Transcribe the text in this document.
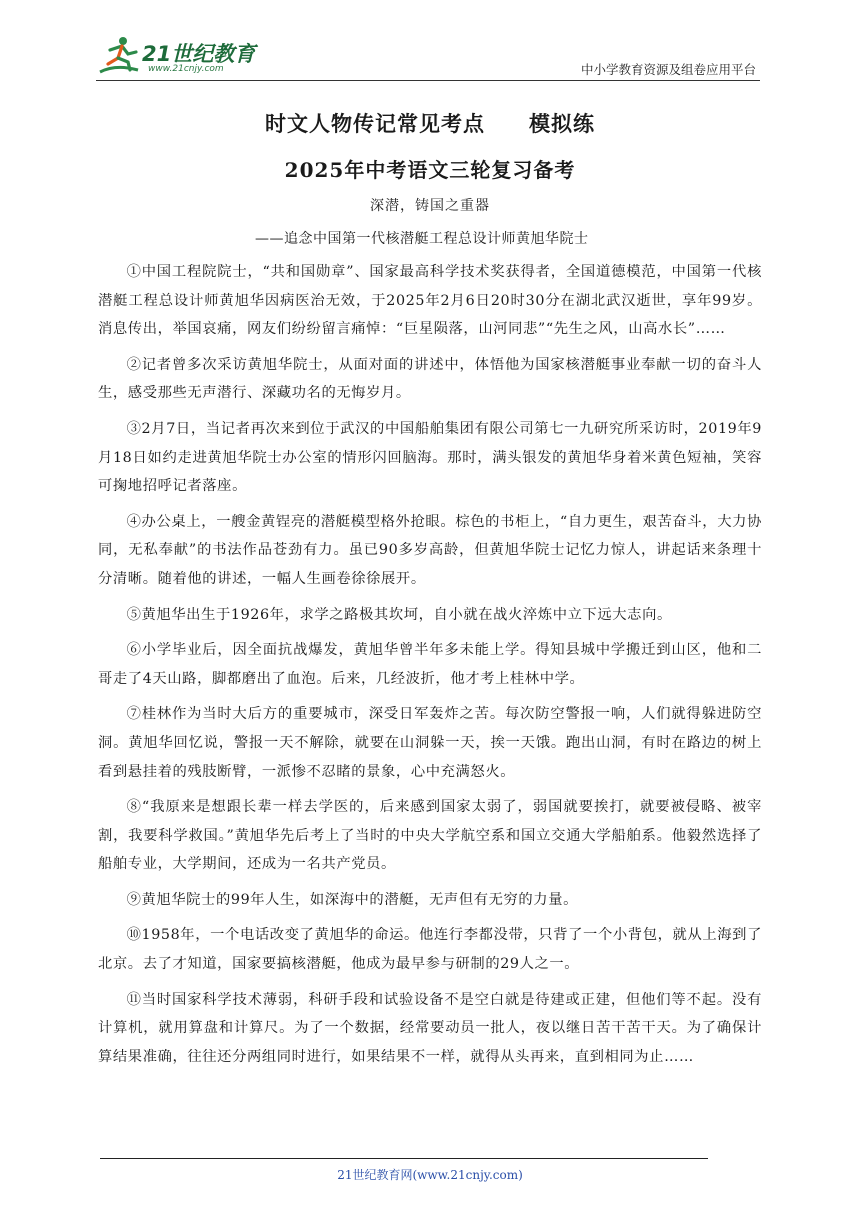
21世纪教育
www.21cnjy.com	中小学教育资源及组卷应用平台
时文人物传记常见考点 模拟练
2025年中考语文三轮复习备考
深潜，铸国之重器
——追念中国第一代核潜艇工程总设计师黄旭华院士

①中国工程院院士，“共和国勋章”、国家最高科学技术奖获得者，全国道德模范，中国第一代核潜艇工程总设计师黄旭华因病医治无效，于2025年2月6日20时30分在湖北武汉逝世，享年99岁。消息传出，举国哀痛，网友们纷纷留言痛悼：“巨星陨落，山河同悲”“先生之风，山高水长”……

②记者曾多次采访黄旭华院士，从面对面的讲述中，体悟他为国家核潜艇事业奉献一切的奋斗人生，感受那些无声潜行、深藏功名的无悔岁月。

③2月7日，当记者再次来到位于武汉的中国船舶集团有限公司第七一九研究所采访时，2019年9月18日如约走进黄旭华院士办公室的情形闪回脑海。那时，满头银发的黄旭华身着米黄色短袖，笑容可掬地招呼记者落座。

④办公桌上，一艘金黄锃亮的潜艇模型格外抢眼。棕色的书柜上，“自力更生，艰苦奋斗，大力协同，无私奉献”的书法作品苍劲有力。虽已90多岁高龄，但黄旭华院士记忆力惊人，讲起话来条理十分清晰。随着他的讲述，一幅人生画卷徐徐展开。

⑤黄旭华出生于1926年，求学之路极其坎坷，自小就在战火淬炼中立下远大志向。

⑥小学毕业后，因全面抗战爆发，黄旭华曾半年多未能上学。得知县城中学搬迁到山区，他和二哥走了4天山路，脚都磨出了血泡。后来，几经波折，他才考上桂林中学。

⑦桂林作为当时大后方的重要城市，深受日军轰炸之苦。每次防空警报一响，人们就得躲进防空洞。黄旭华回忆说，警报一天不解除，就要在山洞躲一天，挨一天饿。跑出山洞，有时在路边的树上看到悬挂着的残肢断臂，一派惨不忍睹的景象，心中充满怒火。

⑧“我原来是想跟长辈一样去学医的，后来感到国家太弱了，弱国就要挨打，就要被侵略、被宰割，我要科学救国。”黄旭华先后考上了当时的中央大学航空系和国立交通大学船舶系。他毅然选择了船舶专业，大学期间，还成为一名共产党员。

⑨黄旭华院士的99年人生，如深海中的潜艇，无声但有无穷的力量。

⑩1958年，一个电话改变了黄旭华的命运。他连行李都没带，只背了一个小背包，就从上海到了北京。去了才知道，国家要搞核潜艇，他成为最早参与研制的29人之一。

⑪当时国家科学技术薄弱，科研手段和试验设备不是空白就是待建或正建，但他们等不起。没有计算机，就用算盘和计算尺。为了一个数据，经常要动员一批人，夜以继日苦干苦干天。为了确保计算结果准确，往往还分两组同时进行，如果结果不一样，就得从头再来，直到相同为止……

21世纪教育网(www.21cnjy.com)
